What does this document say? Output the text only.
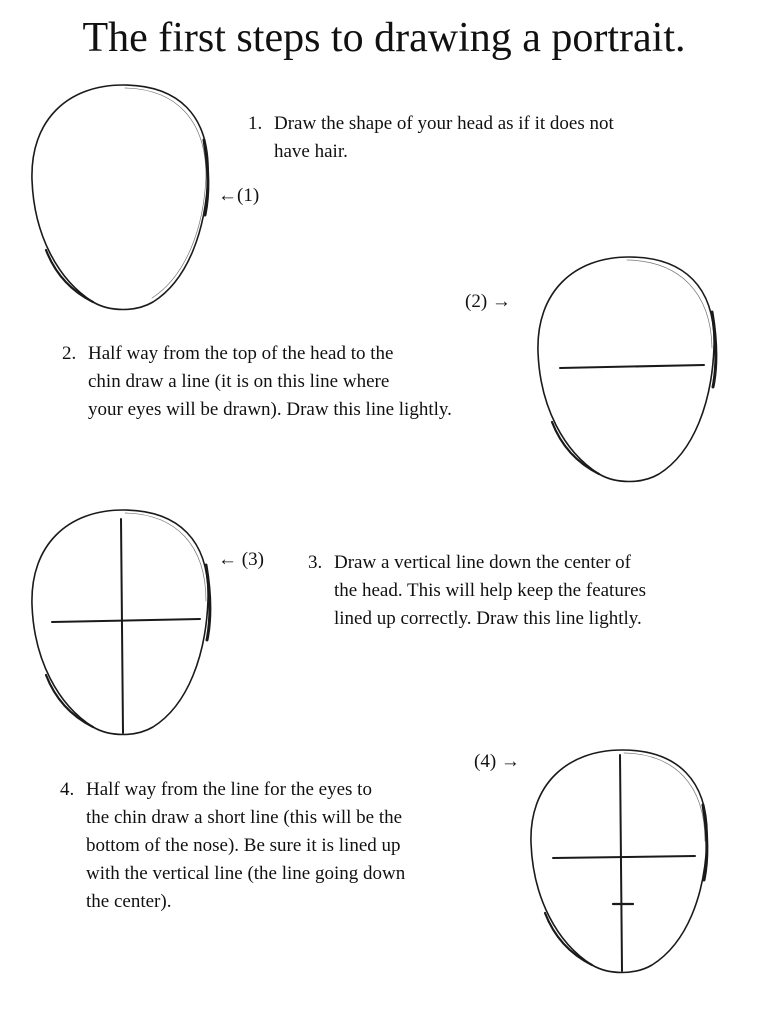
The first steps to drawing a portrait.
1. Draw the shape of your head as if it does not
have hair.
2. Half way from the top of the head to the
chin draw a line (it is on this line where
your eyes will be drawn). Draw this line lightly.
3. Draw a vertical line down the center of
the head. This will help keep the features
lined up correctly. Draw this line lightly.
4. Half way from the line for the eyes to
the chin draw a short line (this will be the
bottom of the nose). Be sure it is lined up
with the vertical line (the line going down
the center).
←(1)
(2) →
← (3)
(4) →
